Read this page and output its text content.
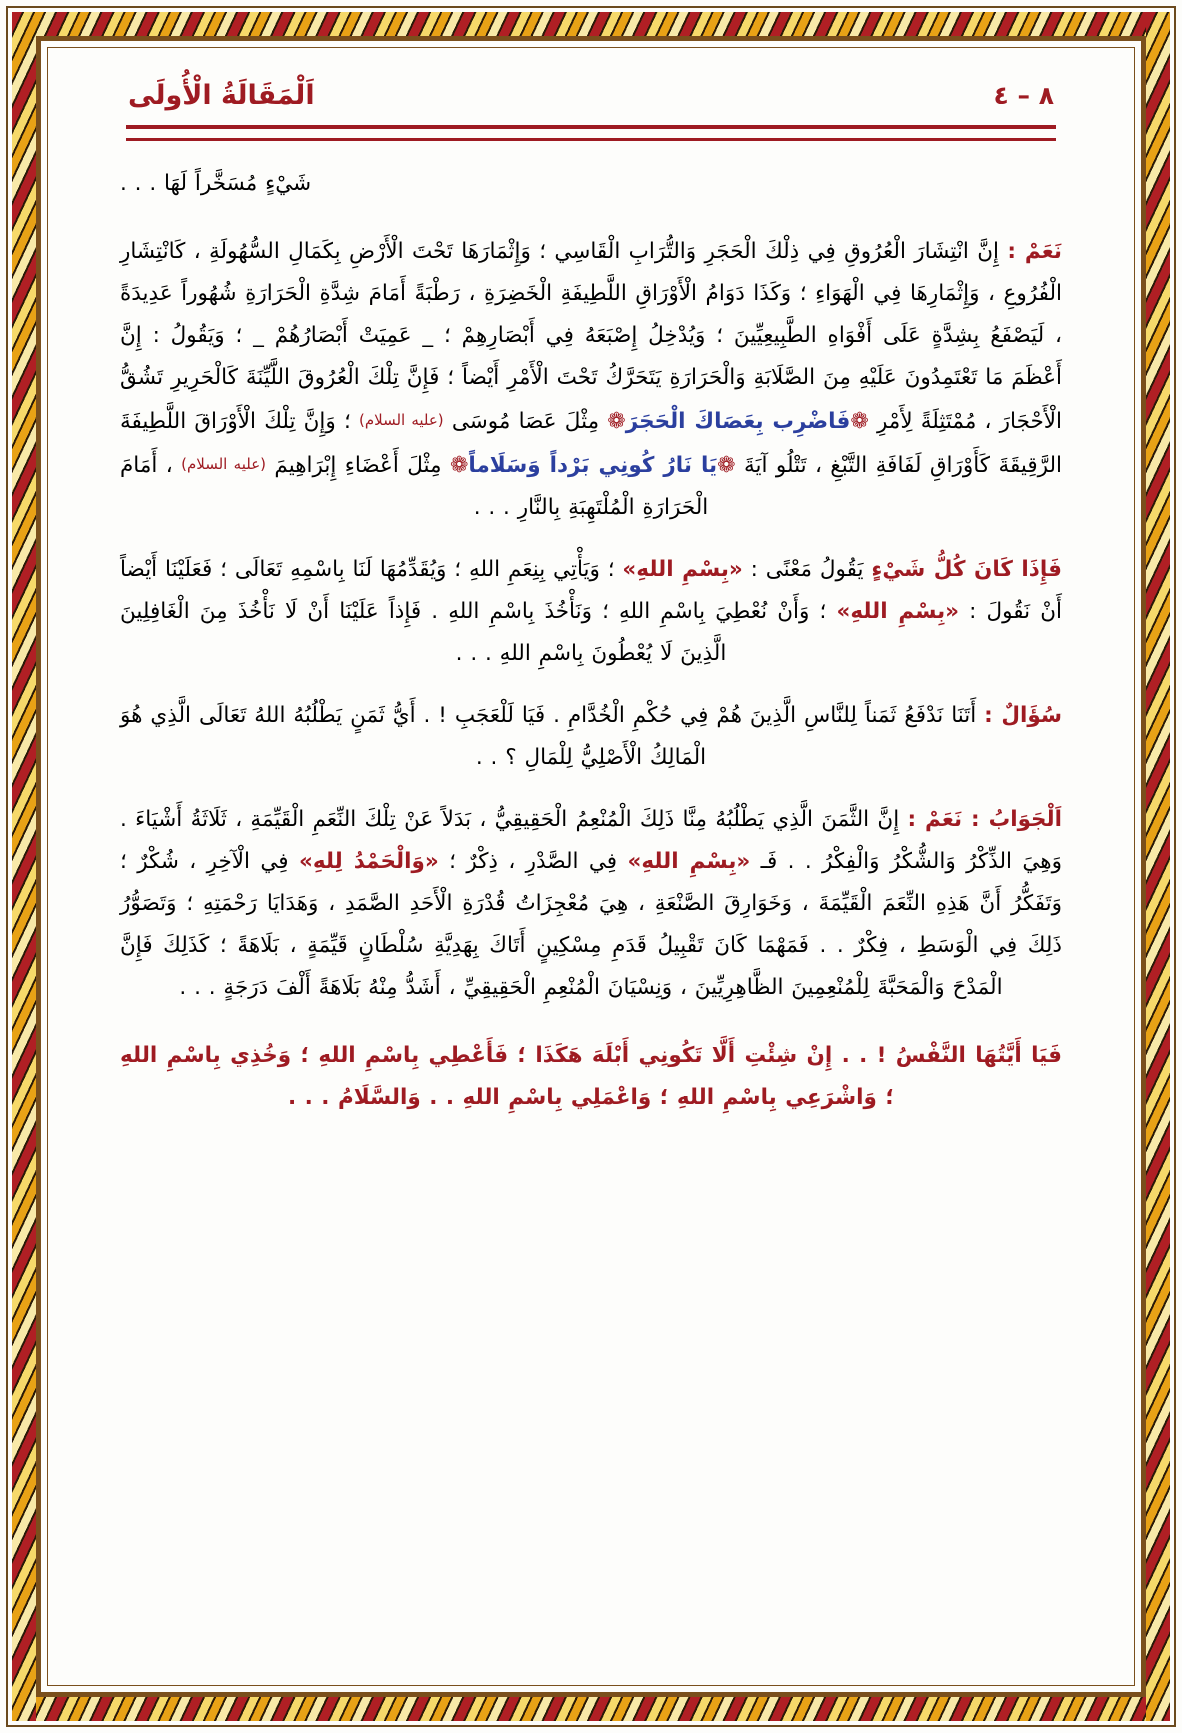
٨ – ٤
اَلْمَقَالَةُ الْأُولَى

شَيْءٍ مُسَخَّراً لَهَا . . .

نَعَمْ : إِنَّ انْتِشَارَ الْعُرُوقِ فِي ذِلْكَ الْحَجَرِ وَالتُّرَابِ الْقَاسِي ؛ وَإِثْمَارَهَا تَحْتَ الْأَرْضِ بِكَمَالِ السُّهُولَةِ ، كَانْتِشَارِ الْفُرُوعِ ، وَإِثْمَارِهَا فِي الْهَوَاءِ ؛ وَكَذَا دَوَامُ الْأَوْرَاقِ اللَّطِيفَةِ الْخَضِرَةِ ، رَطْبَةً أَمَامَ شِدَّةِ الْحَرَارَةِ شُهُوراً عَدِيدَةً ، لَيَصْفَعُ بِشِدَّةٍ عَلَى أَفْوَاهِ الطَّبِيعِيِّينَ ؛ وَيُدْخِلُ إِصْبَعَهُ فِي أَبْصَارِهِمْ ؛ _ عَمِيَتْ أَبْصَارُهُمْ _ ؛ وَيَقُولُ : إِنَّ أَعْظَمَ مَا تَعْتَمِدُونَ عَلَيْهِ مِنَ الصَّلَابَةِ وَالْحَرَارَةِ يَتَحَرَّكُ تَحْتَ الْأَمْرِ أَيْضاً ؛ فَإِنَّ تِلْكَ الْعُرُوقَ اللَّيِّنَةَ كَالْحَرِيرِ تَشُقُّ الْأَحْجَارَ ، مُمْتَثِلَةً لِأَمْرِ ❁فَاضْرِب بِعَصَاكَ الْحَجَرَ❁ مِثْلَ عَصَا مُوسَى (عليه السلام) ؛ وَإِنَّ تِلْكَ الْأَوْرَاقَ اللَّطِيفَةَ الرَّقِيقَةَ كَأَوْرَاقِ لَفَافَةِ التَّبْغِ ، تَتْلُو آيَةَ ❁يَا نَارُ كُونِي بَرْداً وَسَلَاماً❁ مِثْلَ أَعْضَاءِ إِبْرَاهِيمَ (عليه السلام) ، أَمَامَ الْحَرَارَةِ الْمُلْتَهِبَةِ بِالنَّارِ . . .

فَإِذَا كَانَ كُلُّ شَيْءٍ يَقُولُ مَعْنًى : «بِسْمِ اللهِ» ؛ وَيَأْتِي بِنِعَمِ اللهِ ؛ وَيُقَدِّمُهَا لَنَا بِاسْمِهِ تَعَالَى ؛ فَعَلَيْنَا أَيْضاً أَنْ نَقُولَ : «بِسْمِ اللهِ» ؛ وَأَنْ نُعْطِيَ بِاسْمِ اللهِ ؛ وَنَأْخُذَ بِاسْمِ اللهِ . فَإِذاً عَلَيْنَا أَنْ لَا نَأْخُذَ مِنَ الْغَافِلِينَ الَّذِينَ لَا يُعْطُونَ بِاسْمِ اللهِ . . .

سُؤَالٌ : أَتَنَا نَدْفَعُ ثَمَناً لِلنَّاسِ الَّذِينَ هُمْ فِي حُكْمِ الْخُدَّامِ . فَيَا لَلْعَجَبِ ! . أَيُّ ثَمَنٍ يَطْلُبُهُ اللهُ تَعَالَى الَّذِي هُوَ الْمَالِكُ الْأَصْلِيُّ لِلْمَالِ ؟ . .

اَلْجَوَابُ : نَعَمْ : إِنَّ الثَّمَنَ الَّذِي يَطْلُبُهُ مِنَّا ذَلِكَ الْمُنْعِمُ الْحَقِيقِيُّ ، بَدَلاً عَنْ تِلْكَ النِّعَمِ الْقَيِّمَةِ ، ثَلَاثَةُ أَشْيَاءَ . وَهِيَ الذِّكْرُ وَالشُّكْرُ وَالْفِكْرُ . . فَـ «بِسْمِ اللهِ» فِي الصَّدْرِ ، ذِكْرٌ ؛ «وَالْحَمْدُ لِلهِ» فِي الْآخِرِ ، شُكْرٌ ؛ وَتَفَكُّرُ أَنَّ هَذِهِ النِّعَمَ الْقَيِّمَةَ ، وَخَوَارِقَ الصَّنْعَةِ ، هِيَ مُعْجِزَاتُ قُدْرَةِ الْأَحَدِ الصَّمَدِ ، وَهَدَايَا رَحْمَتِهِ ؛ وَتَصَوُّرُ ذَلِكَ فِي الْوَسَطِ ، فِكْرٌ . . فَمَهْمَا كَانَ تَقْبِيلُ قَدَمِ مِسْكِينٍ أَتَاكَ بِهَدِيَّةِ سُلْطَانٍ قَيِّمَةٍ ، بَلَاهَةً ؛ كَذَلِكَ فَإِنَّ الْمَدْحَ وَالْمَحَبَّةَ لِلْمُنْعِمِينَ الظَّاهِرِيِّينَ ، وَنِسْيَانَ الْمُنْعِمِ الْحَقِيقِيِّ ، أَشَدُّ مِنْهُ بَلَاهَةً أَلْفَ دَرَجَةٍ . . .

فَيَا أَيَّتُهَا النَّفْسُ ! . . إِنْ شِئْتِ أَلَّا تَكُونِي أَبْلَهَ هَكَذَا ؛ فَأَعْطِي بِاسْمِ اللهِ ؛ وَخُذِي بِاسْمِ اللهِ ؛ وَاشْرَعِي بِاسْمِ اللهِ ؛ وَاعْمَلِي بِاسْمِ اللهِ . . وَالسَّلَامُ . . .
